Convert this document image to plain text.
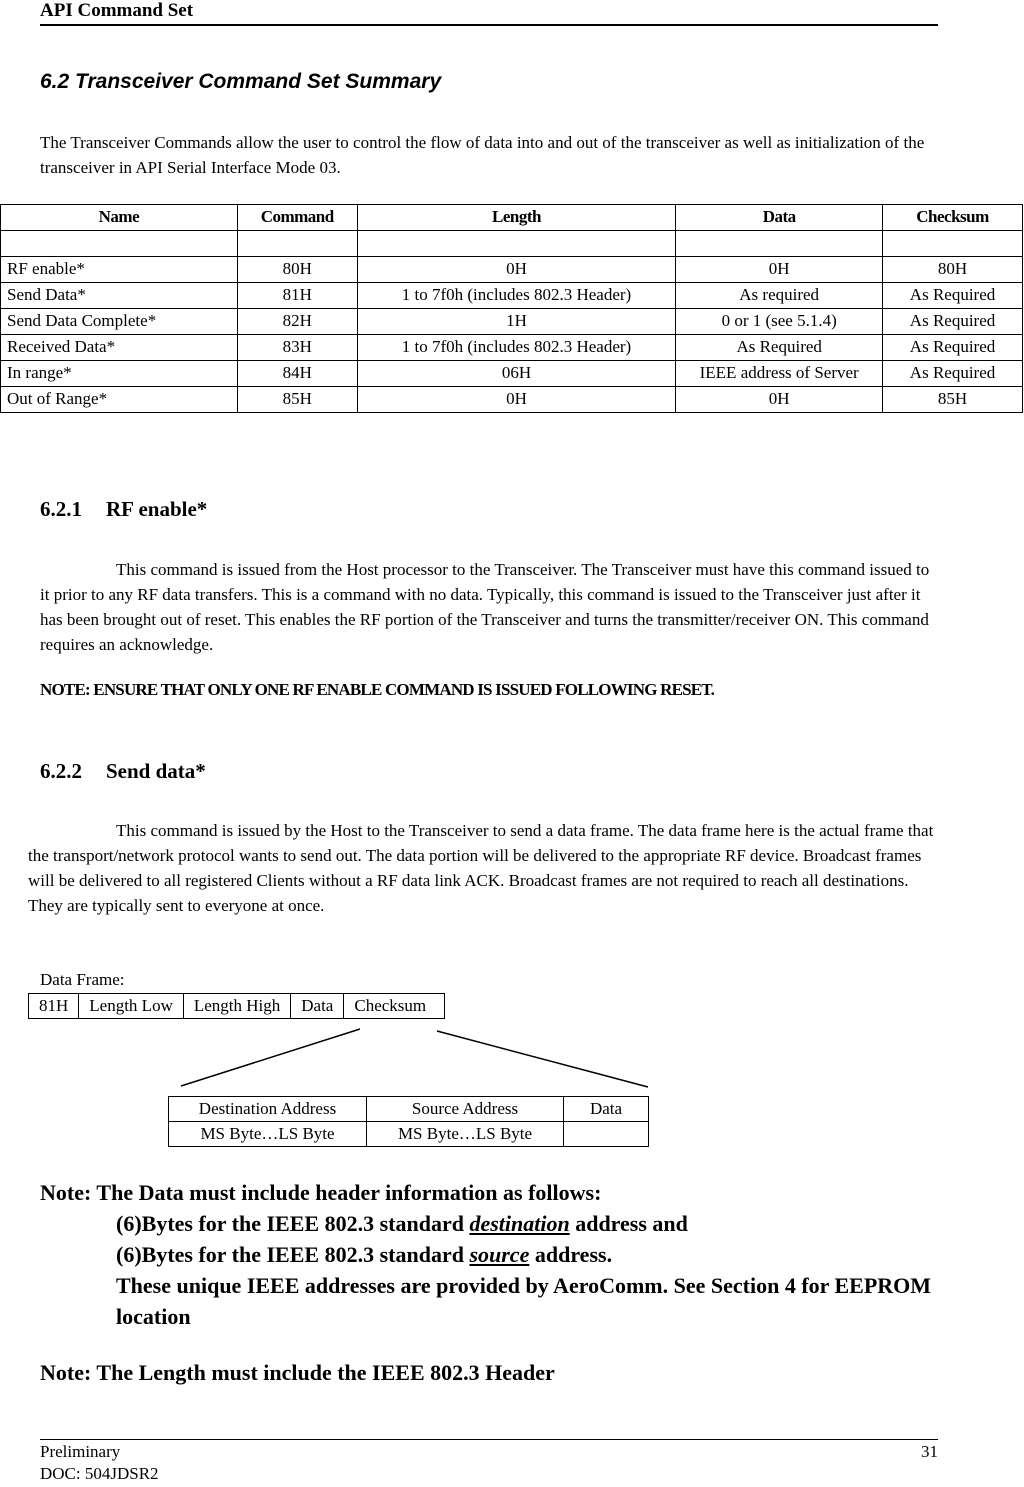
API Command Set
6.2 Transceiver Command Set Summary

The Transceiver Commands allow the user to control the flow of data into and out of the transceiver as well as initialization of the transceiver in API Serial Interface Mode 03.

Name	Command	Length	Data	Checksum

RF enable*	80H	0H	0H	80H
Send Data*	81H	1 to 7f0h (includes 802.3 Header)	As required	As Required
Send Data Complete*	82H	1H	0 or 1 (see 5.1.4)	As Required
Received Data*	83H	1 to 7f0h (includes 802.3 Header)	As Required	As Required
In range*	84H	06H	IEEE address of Server	As Required
Out of Range*	85H	0H	0H	85H
6.2.1 RF enable*

This command is issued from the Host processor to the Transceiver. The Transceiver must have this command issued to it prior to any RF data transfers. This is a command with no data. Typically, this command is issued to the Transceiver just after it has been brought out of reset. This enables the RF portion of the Transceiver and turns the transmitter/receiver ON. This command requires an acknowledge.

NOTE: ENSURE THAT ONLY ONE RF ENABLE COMMAND IS ISSUED FOLLOWING RESET.
6.2.2 Send data*

This command is issued by the Host to the Transceiver to send a data frame. The data frame here is the actual frame that the transport/network protocol wants to send out. The data portion will be delivered to the appropriate RF device. Broadcast frames will be delivered to all registered Clients without a RF data link ACK. Broadcast frames are not required to reach all destinations. They are typically sent to everyone at once.

Data Frame:
81H	Length Low	Length High	Data	Checksum
Destination Address	Source Address	Data
MS Byte…LS Byte	MS Byte…LS Byte	
Note: The Data must include header information as follows:
(6)Bytes for the IEEE 802.3 standard destination address and
(6)Bytes for the IEEE 802.3 standard source address.
These unique IEEE addresses are provided by AeroComm. See Section 4 for EEPROM location
Note: The Length must include the IEEE 802.3 Header
Preliminary	31
DOC: 504JDSR2
